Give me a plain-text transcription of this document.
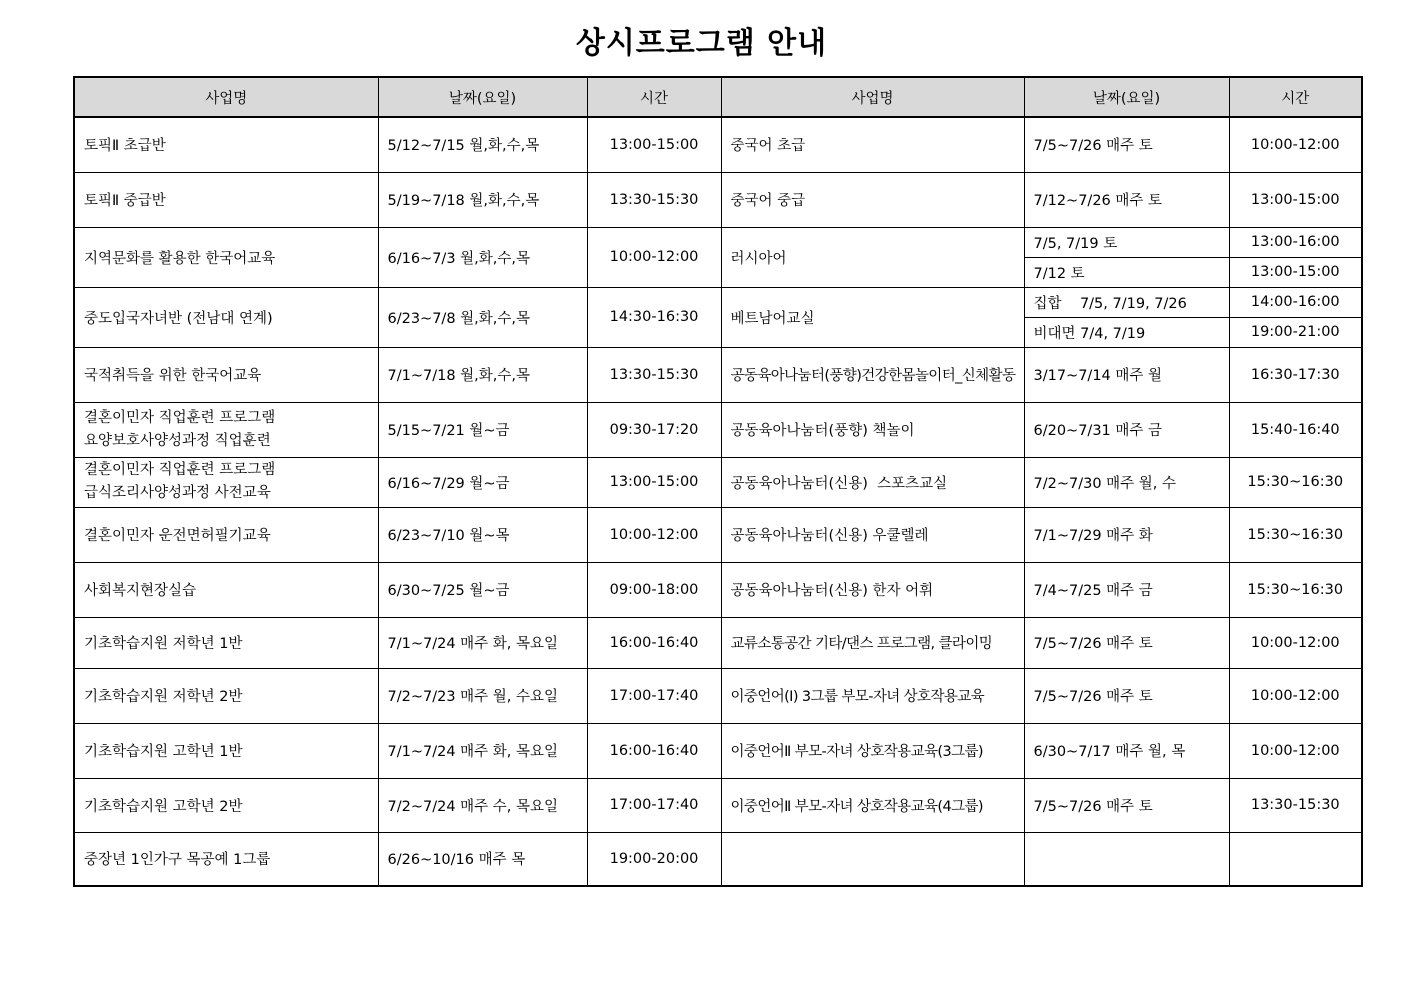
상시프로그램 안내
사업명	날짜(요일)	시간	사업명	날짜(요일)	시간
토픽Ⅱ 초급반	5/12~7/15 월,화,수,목	13:00-15:00	중국어 초급	7/5~7/26 매주 토	10:00-12:00
토픽Ⅱ 중급반	5/19~7/18 월,화,수,목	13:30-15:30	중국어 중급	7/12~7/26 매주 토	13:00-15:00
지역문화를 활용한 한국어교육	6/16~7/3 월,화,수,목	10:00-12:00	러시아어	7/5, 7/19 토	13:00-16:00
				7/12 토	13:00-15:00
중도입국자녀반 (전남대 연계)	6/23~7/8 월,화,수,목	14:30-16:30	베트남어교실	집합    7/5, 7/19, 7/26	14:00-16:00
				비대면 7/4, 7/19	19:00-21:00
국적취득을 위한 한국어교육	7/1~7/18 월,화,수,목	13:30-15:30	공동육아나눔터(풍향)건강한몸놀이터_신체활동	3/17~7/14 매주 월	16:30-17:30

결혼이민자 직업훈련 프로그램
요양보호사양성과정 직업훈련	5/15~7/21 월~금	09:30-17:20	공동육아나눔터(풍향) 책놀이	6/20~7/31 매주 금	15:40-16:40

결혼이민자 직업훈련 프로그램
급식조리사양성과정 사전교육	6/16~7/29 월~금	13:00-15:00	공동육아나눔터(신용)  스포츠교실	7/2~7/30 매주 월, 수	15:30~16:30
결혼이민자 운전면허필기교육	6/23~7/10 월~목	10:00-12:00	공동육아나눔터(신용) 우쿨렐레	7/1~7/29 매주 화	15:30~16:30
사회복지현장실습	6/30~7/25 월~금	09:00-18:00	공동육아나눔터(신용) 한자 어휘	7/4~7/25 매주 금	15:30~16:30
기초학습지원 저학년 1반	7/1~7/24 매주 화, 목요일	16:00-16:40	교류소통공간 기타/댄스 프로그램, 클라이밍	7/5~7/26 매주 토	10:00-12:00
기초학습지원 저학년 2반	7/2~7/23 매주 월, 수요일	17:00-17:40	이중언어(Ⅰ) 3그룹 부모-자녀 상호작용교육	7/5~7/26 매주 토	10:00-12:00
기초학습지원 고학년 1반	7/1~7/24 매주 화, 목요일	16:00-16:40	이중언어Ⅱ 부모-자녀 상호작용교육(3그룹)	6/30~7/17 매주 월, 목	10:00-12:00
기초학습지원 고학년 2반	7/2~7/24 매주 수, 목요일	17:00-17:40	이중언어Ⅱ 부모-자녀 상호작용교육(4그룹)	7/5~7/26 매주 토	13:30-15:30
중장년 1인가구 목공예 1그룹	6/26~10/16 매주 목	19:00-20:00			
